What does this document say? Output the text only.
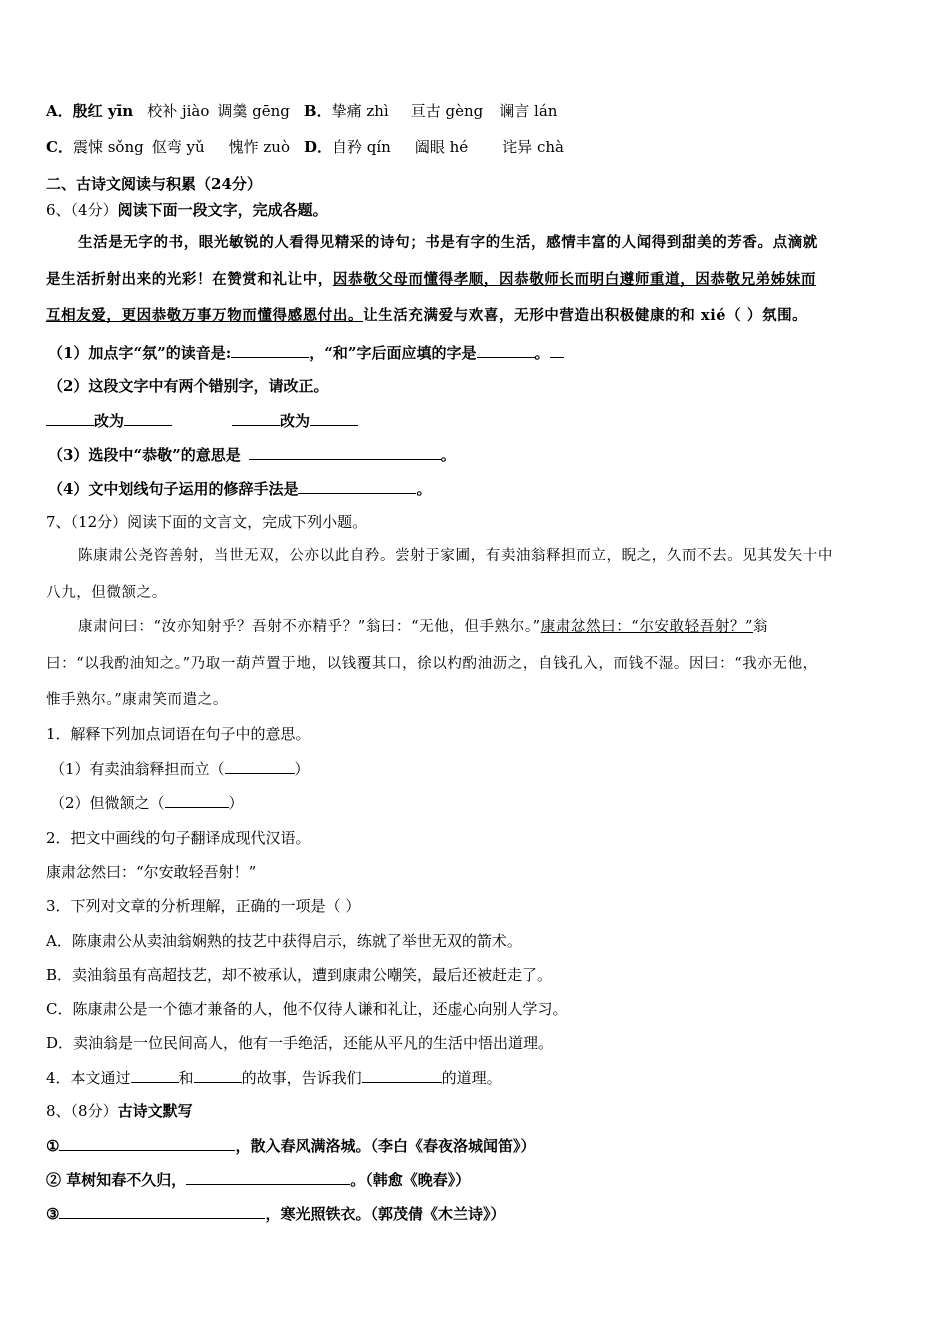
A．殷红 yīn 校补 jiào 调羹 gēng B．挚痛 zhì 亘古 gèng 谰言 lán
C．震悚 sǒng 伛弯 yǔ 愧怍 zuò D．自矜 qín 阖眼 hé 诧异 chà
二、古诗文阅读与积累（24分）
6、（4分）阅读下面一段文字，完成各题。
生活是无字的书，眼光敏锐的人看得见精采的诗句；书是有字的生活，感情丰富的人闻得到甜美的芳香。点滴就
是生活折射出来的光彩！在赞赏和礼让中，因恭敬父母而懂得孝顺，因恭敬师长而明白遵师重道，因恭敬兄弟姊妹而
互相友爱，更因恭敬万事万物而懂得感恩付出。让生活充满爱与欢喜，无形中营造出积极健康的和 xié（ ）氛围。
（1）加点字“氛”的读音是:	，“和”字后面应填的字是	。
（2）这段文字中有两个错别字，请改正。
改为	改为
（3）选段中“恭敬”的意思是	。
（4）文中划线句子运用的修辞手法是	。
7、（12分）阅读下面的文言文，完成下列小题。
陈康肃公尧咨善射，当世无双，公亦以此自矜。尝射于家圃，有卖油翁释担而立，睨之，久而不去。见其发矢十中
八九，但微颔之。
康肃问曰：“汝亦知射乎？吾射不亦精乎？”翁曰：“无他，但手熟尔。”康肃忿然曰：“尔安敢轻吾射？”翁
曰：“以我酌油知之。”乃取一葫芦置于地，以钱覆其口，徐以杓酌油沥之，自钱孔入，而钱不湿。因曰：“我亦无他，
惟手熟尔。”康肃笑而遣之。
1．解释下列加点词语在句子中的意思。
（1）有卖油翁释担而立（	）
（2）但微颔之（	）
2．把文中画线的句子翻译成现代汉语。
康肃忿然曰：“尔安敢轻吾射！”
3．下列对文章的分析理解，正确的一项是（ ）
A．陈康肃公从卖油翁娴熟的技艺中获得启示，练就了举世无双的箭术。
B．卖油翁虽有高超技艺，却不被承认，遭到康肃公嘲笑，最后还被赶走了。
C．陈康肃公是一个德才兼备的人，他不仅待人谦和礼让，还虚心向别人学习。
D．卖油翁是一位民间高人，他有一手绝活，还能从平凡的生活中悟出道理。
4．本文通过	和	的故事，告诉我们	的道理。
8、（8分）古诗文默写
①	，散入春风满洛城。（李白《春夜洛城闻笛》）
② 草树知春不久归，	。（韩愈《晚春》）
③	，寒光照铁衣。（郭茂倩《木兰诗》）
